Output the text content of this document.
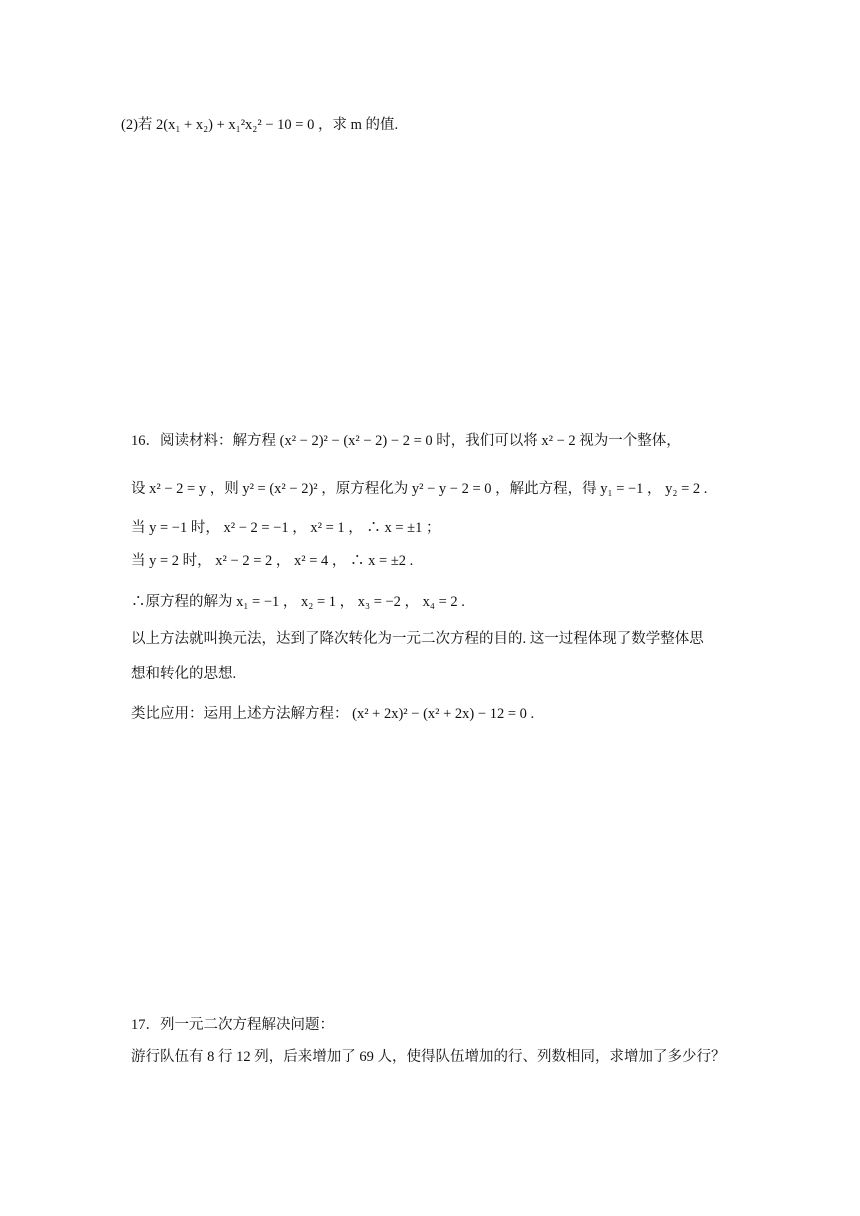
(2)若 2(x₁ + x₂) + x₁²x₂² − 10 = 0 ，求 m 的值.
16．阅读材料：解方程 (x² − 2)² − (x² − 2) − 2 = 0 时，我们可以将 x² − 2 视为一个整体，
设 x² − 2 = y ，则 y² = (x² − 2)² ，原方程化为 y² − y − 2 = 0 ，解此方程，得 y₁ = −1 ， y₂ = 2 .
当 y = −1 时， x² − 2 = −1 ， x² = 1 ， ∴ x = ±1 ；
当 y = 2 时， x² − 2 = 2 ， x² = 4 ， ∴ x = ±2 .
∴原方程的解为 x₁ = −1 ， x₂ = 1 ， x₃ = −2 ， x₄ = 2 .
以上方法就叫换元法，达到了降次转化为一元二次方程的目的. 这一过程体现了数学整体思
想和转化的思想.
类比应用：运用上述方法解方程： (x² + 2x)² − (x² + 2x) − 12 = 0 .
17．列一元二次方程解决问题：
游行队伍有 8 行 12 列，后来增加了 69 人，使得队伍增加的行、列数相同，求增加了多少行？
